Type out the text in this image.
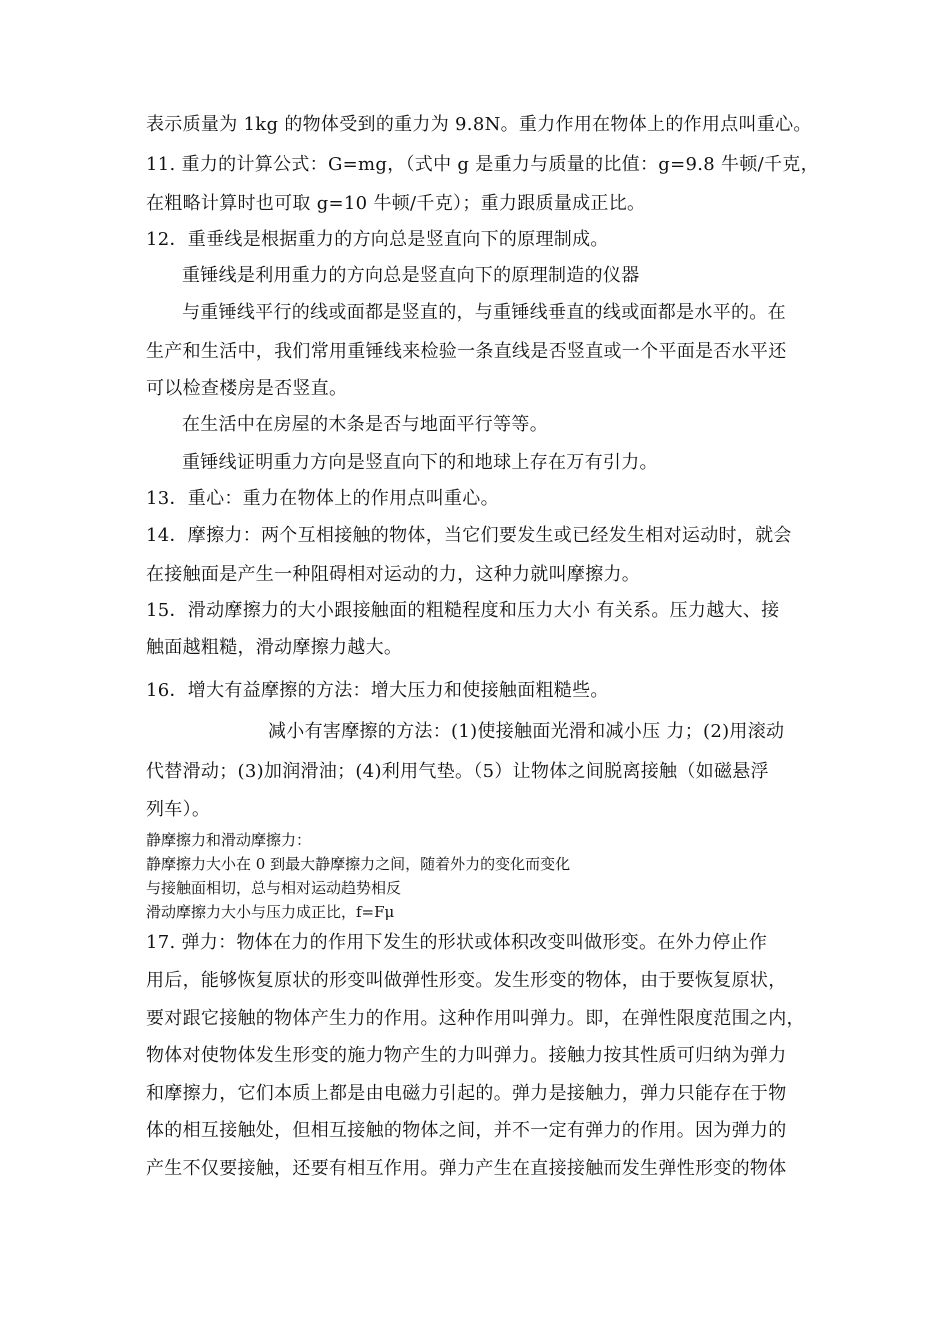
表示质量为 1kg 的物体受到的重力为 9.8N。重力作用在物体上的作用点叫重心。
11. 重力的计算公式：G=mg，（式中 g 是重力与质量的比值：g=9.8 牛顿/千克，
在粗略计算时也可取 g=10 牛顿/千克）；重力跟质量成正比。
12．重垂线是根据重力的方向总是竖直向下的原理制成。
重锤线是利用重力的方向总是竖直向下的原理制造的仪器
与重锤线平行的线或面都是竖直的，与重锤线垂直的线或面都是水平的。在
生产和生活中，我们常用重锤线来检验一条直线是否竖直或一个平面是否水平还
可以检查楼房是否竖直。
在生活中在房屋的木条是否与地面平行等等。
重锤线证明重力方向是竖直向下的和地球上存在万有引力。
13．重心：重力在物体上的作用点叫重心。
14．摩擦力：两个互相接触的物体，当它们要发生或已经发生相对运动时，就会
在接触面是产生一种阻碍相对运动的力，这种力就叫摩擦力。
15．滑动摩擦力的大小跟接触面的粗糙程度和压力大小 有关系。压力越大、接
触面越粗糙，滑动摩擦力越大。
16．增大有益摩擦的方法：增大压力和使接触面粗糙些。
减小有害摩擦的方法：(1)使接触面光滑和减小压 力；(2)用滚动
代替滑动；(3)加润滑油；(4)利用气垫。（5）让物体之间脱离接触（如磁悬浮
列车）。
静摩擦力和滑动摩擦力：
静摩擦力大小在 0 到最大静摩擦力之间，随着外力的变化而变化
与接触面相切，总与相对运动趋势相反
滑动摩擦力大小与压力成正比，f=Fμ
17. 弹力：物体在力的作用下发生的形状或体积改变叫做形变。在外力停止作
用后，能够恢复原状的形变叫做弹性形变。发生形变的物体，由于要恢复原状，
要对跟它接触的物体产生力的作用。这种作用叫弹力。即，在弹性限度范围之内，
物体对使物体发生形变的施力物产生的力叫弹力。接触力按其性质可归纳为弹力
和摩擦力，它们本质上都是由电磁力引起的。弹力是接触力，弹力只能存在于物
体的相互接触处，但相互接触的物体之间，并不一定有弹力的作用。因为弹力的
产生不仅要接触，还要有相互作用。弹力产生在直接接触而发生弹性形变的物体
